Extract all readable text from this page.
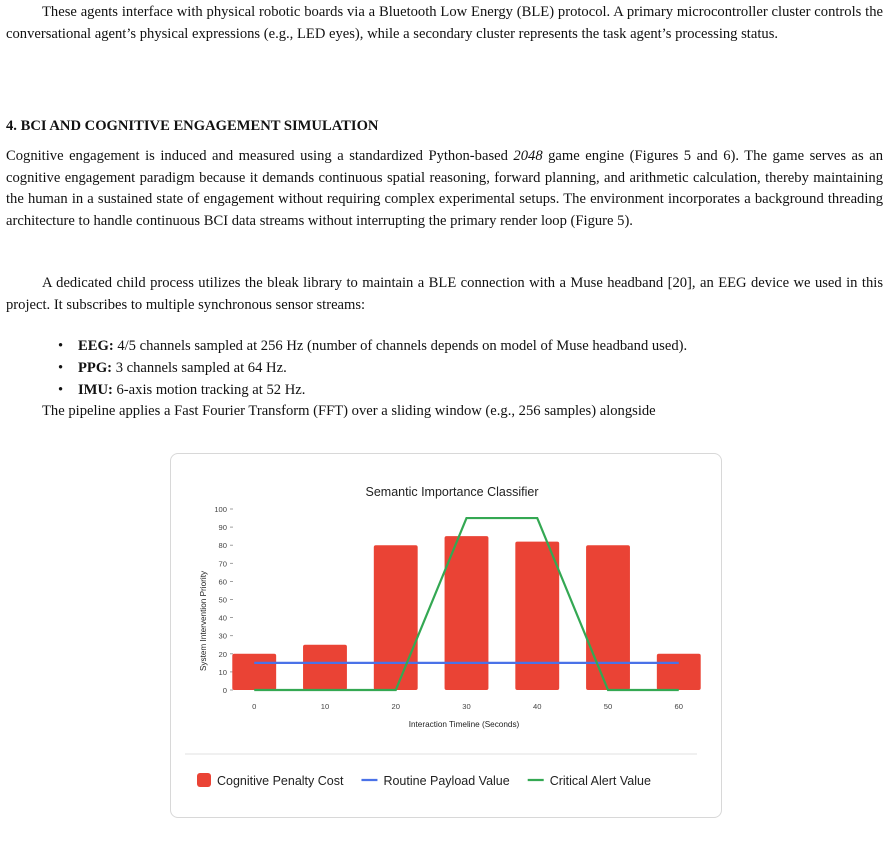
These agents interface with physical robotic boards via a Bluetooth Low Energy (BLE) protocol. A primary microcontroller cluster controls the conversational agent’s physical expressions (e.g., LED eyes), while a secondary cluster represents the task agent’s processing status.

4. BCI AND COGNITIVE ENGAGEMENT SIMULATION

Cognitive engagement is induced and measured using a standardized Python-based 2048 game engine (Figures 5 and 6). The game serves as an cognitive engagement paradigm because it demands continuous spatial reasoning, forward planning, and arithmetic calculation, thereby maintaining the human in a sustained state of engagement without requiring complex experimental setups. The environment incorporates a background threading architecture to handle continuous BCI data streams without interrupting the primary render loop (Figure 5).

A dedicated child process utilizes the bleak library to maintain a BLE connection with a Muse headband [20], an EEG device we used in this project. It subscribes to multiple synchronous sensor streams:

• EEG: 4/5 channels sampled at 256 Hz (number of channels depends on model of Muse headband used).
• PPG: 3 channels sampled at 64 Hz.
• IMU: 6-axis motion tracking at 52 Hz.

The pipeline applies a Fast Fourier Transform (FFT) over a sliding window (e.g., 256 samples) alongside

Semantic Importance Classifier
System Intervention Priority
Interaction Timeline (Seconds)
0
10
20
30
40
50
60
70
80
90
100
0	10	20	30	40	50	60
Cognitive Penalty Cost	Routine Payload Value	Critical Alert Value
